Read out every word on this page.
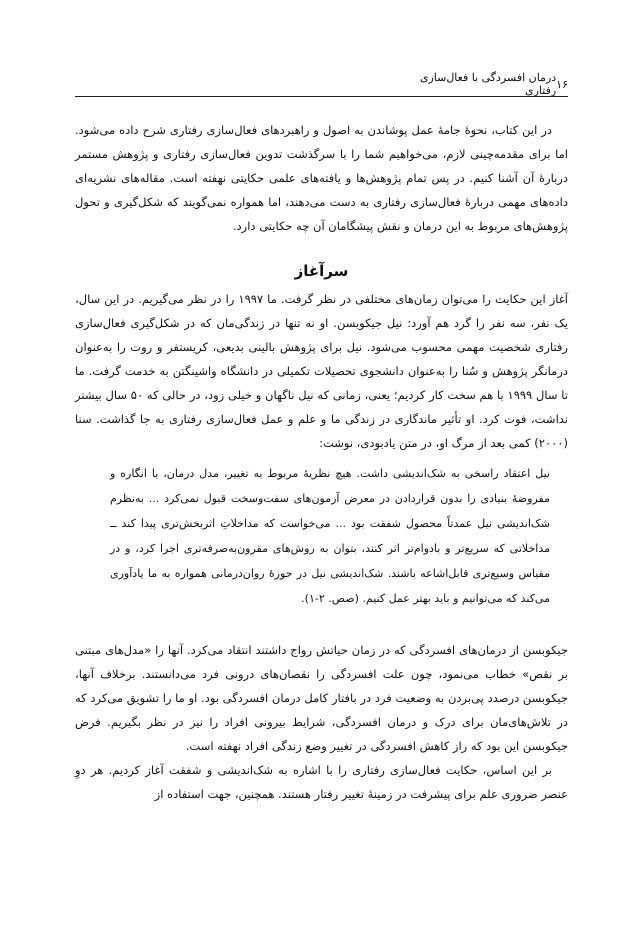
۱۶
درمان افسردگی با فعال‌سازی رفتاری

در این کتاب، نحوهٔ جامهٔ عمل پوشاندن به اصول و راهبردهای فعال‌سازی رفتاری شرح داده می‌شود. اما برای مقدمه‌چینی لازم، می‌خواهیم شما را با سرگذشت تدوین فعال‌سازی رفتاری و پژوهش مستمر دربارهٔ آن آشنا کنیم. در پس تمام پژوهش‌ها و یافته‌های علمی حکایتی نهفته است. مقاله‌های نشریه‌ای داده‌های مهمی دربارهٔ فعال‌سازی رفتاری به دست می‌دهند، اما همواره نمی‌گویند که شکل‌گیری و تحول پژوهش‌های مربوط به این درمان و نقش پیشگامان آن چه حکایتی دارد.

سرآغاز

آغاز این حکایت را می‌توان زمان‌های مختلفی در نظر گرفت. ما ۱۹۹۷ را در نظر می‌گیریم. در این سال، یک نفر، سه نفر را گرد هم آورد: نیل جیکوبسن. او نه تنها در زندگی‌مان که در شکل‌گیری فعال‌سازی رفتاری شخصیت مهمی محسوب می‌شود. نیل برای پژوهش بالینی بدیعی، کریستفر و روت را به‌عنوان درمانگر پژوهش و سُنا را به‌عنوان دانشجوی تحصیلات تکمیلی در دانشگاه واشینگتن به خدمت گرفت. ما تا سال ۱۹۹۹ با هم سخت کار کردیم؛ یعنی، زمانی که نیل ناگهان و خیلی زود، در حالی که ۵۰ سال بیشتر نداشت، فوت کرد. او تأثیر ماندگاری در زندگی ما و علم و عمل فعال‌سازی رفتاری به جا گذاشت. سنا (۲۰۰۰) کمی بعد از مرگ او، در متن یادبودی، نوشت:

نیل اعتقاد راسخی به شک‌اندیشی داشت. هیچ نظریهٔ مربوط به تغییر، مدل درمان، یا انگاره و مفروضهٔ بنیادی را بدون قراردادن در معرض آزمون‌های سفت‌وسخت قبول نمی‌کرد ... به‌نظرم شک‌اندیشی نیل عمدتاً محصول شفقت بود ... می‌خواست که مداخلاتِ اثربخش‌تری پیدا کند ــ مداخلاتی که سریع‌تر و بادوام‌تر اثر کنند، بتوان به روش‌های مقرون‌به‌صرفه‌تری اجرا کرد، و در مقیاس وسیع‌تری قابل‌اشاعه باشند. شک‌اندیشی نیل در حوزهٔ روان‌درمانی همواره به ما یادآوری می‌کند که می‌توانیم و باید بهتر عمل کنیم. (صص. ۲-۱).

جیکوبسن از درمان‌های افسردگی که در زمان حیاتش رواج داشتند انتقاد می‌کرد. آنها را «مدل‌های مبتنی بر نقص» خطاب می‌نمود، چون علت افسردگی را نقصان‌های درونی فرد می‌دانستند. برخلاف آنها، جیکوبسن درصدد پی‌بردن به وضعیت فرد در بافتار کامل درمان افسردگی بود. او ما را تشویق می‌کرد که در تلاش‌های‌مان برای درک و درمان افسردگی، شرایط بیرونی افراد را نیز در نظر بگیریم. فرض جیکوبسن این بود که راز کاهش افسردگی در تغییر وضع زندگی افراد نهفته است.

بر این اساس، حکایت فعال‌سازی رفتاری را با اشاره به شک‌اندیشی و شفقت آغاز کردیم. هر دوِ عنصر ضروری علم برای پیشرفت در زمینهٔ تغییر رفتار هستند. همچنین، جهت استفاده از
